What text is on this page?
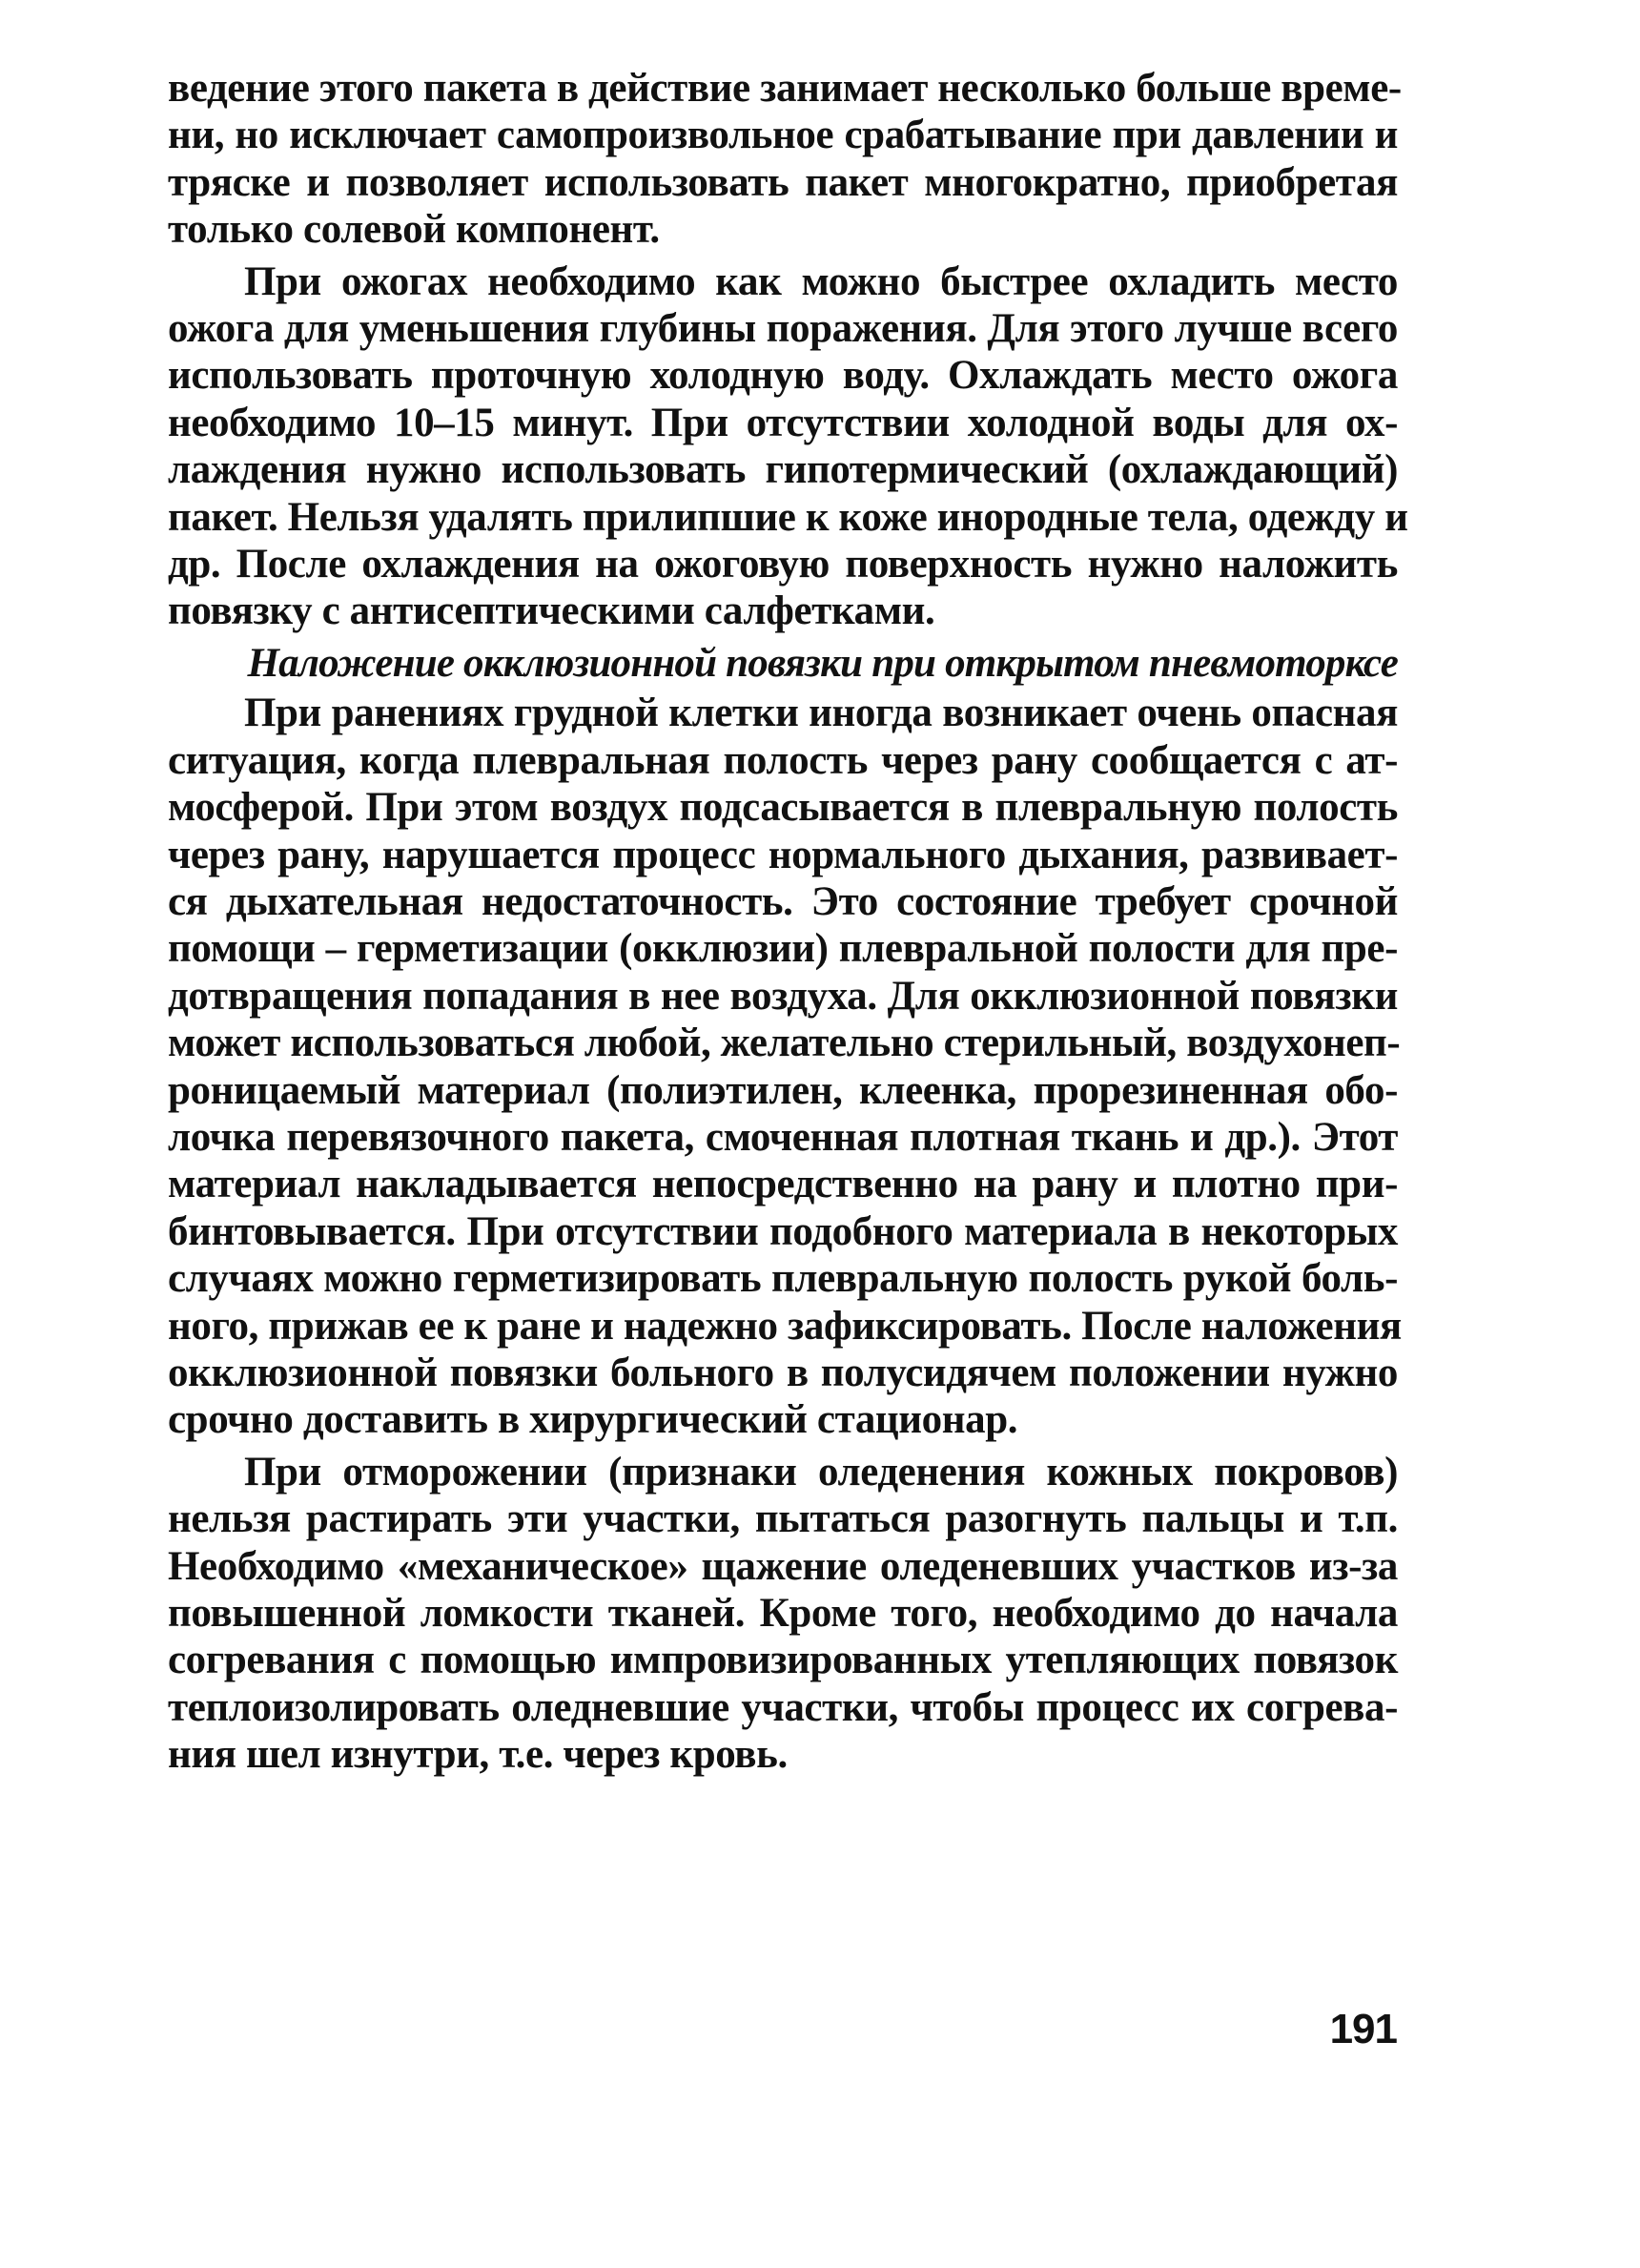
ведение этого пакета в действие занимает несколько больше време-
ни, но исключает самопроизвольное срабатывание при давлении и
тряске и позволяет использовать пакет многократно, приобретая
только солевой компонент.
При ожогах необходимо как можно быстрее охладить место
ожога для уменьшения глубины поражения. Для этого лучше всего
использовать проточную холодную воду. Охлаждать место ожога
необходимо 10–15 минут. При отсутствии холодной воды для ох-
лаждения нужно использовать гипотермический (охлаждающий)
пакет. Нельзя удалять прилипшие к коже инородные тела, одежду и
др. После охлаждения на ожоговую поверхность нужно наложить
повязку с антисептическими салфетками.
Наложение окклюзионной повязки при открытом пневмоторксе
При ранениях грудной клетки иногда возникает очень опасная
ситуация, когда плевральная полость через рану сообщается с ат-
мосферой. При этом воздух подсасывается в плевральную полость
через рану, нарушается процесс нормального дыхания, развивает-
ся дыхательная недостаточность. Это состояние требует срочной
помощи – герметизации (окклюзии) плевральной полости для пре-
дотвращения попадания в нее воздуха. Для окклюзионной повязки
может использоваться любой, желательно стерильный, воздухонеп-
роницаемый материал (полиэтилен, клеенка, прорезиненная обо-
лочка перевязочного пакета, смоченная плотная ткань и др.). Этот
материал накладывается непосредственно на рану и плотно при-
бинтовывается. При отсутствии подобного материала в некоторых
случаях можно герметизировать плевральную полость рукой боль-
ного, прижав ее к ране и надежно зафиксировать. После наложения
окклюзионной повязки больного в полусидячем положении нужно
срочно доставить в хирургический стационар.
При отморожении (признаки оледенения кожных покровов)
нельзя растирать эти участки, пытаться разогнуть пальцы и т.п.
Необходимо «механическое» щажение оледеневших участков из-за
повышенной ломкости тканей. Кроме того, необходимо до начала
согревания с помощью импровизированных утепляющих повязок
теплоизолировать оледневшие участки, чтобы процесс их согрева-
ния шел изнутри, т.е. через кровь.
191
